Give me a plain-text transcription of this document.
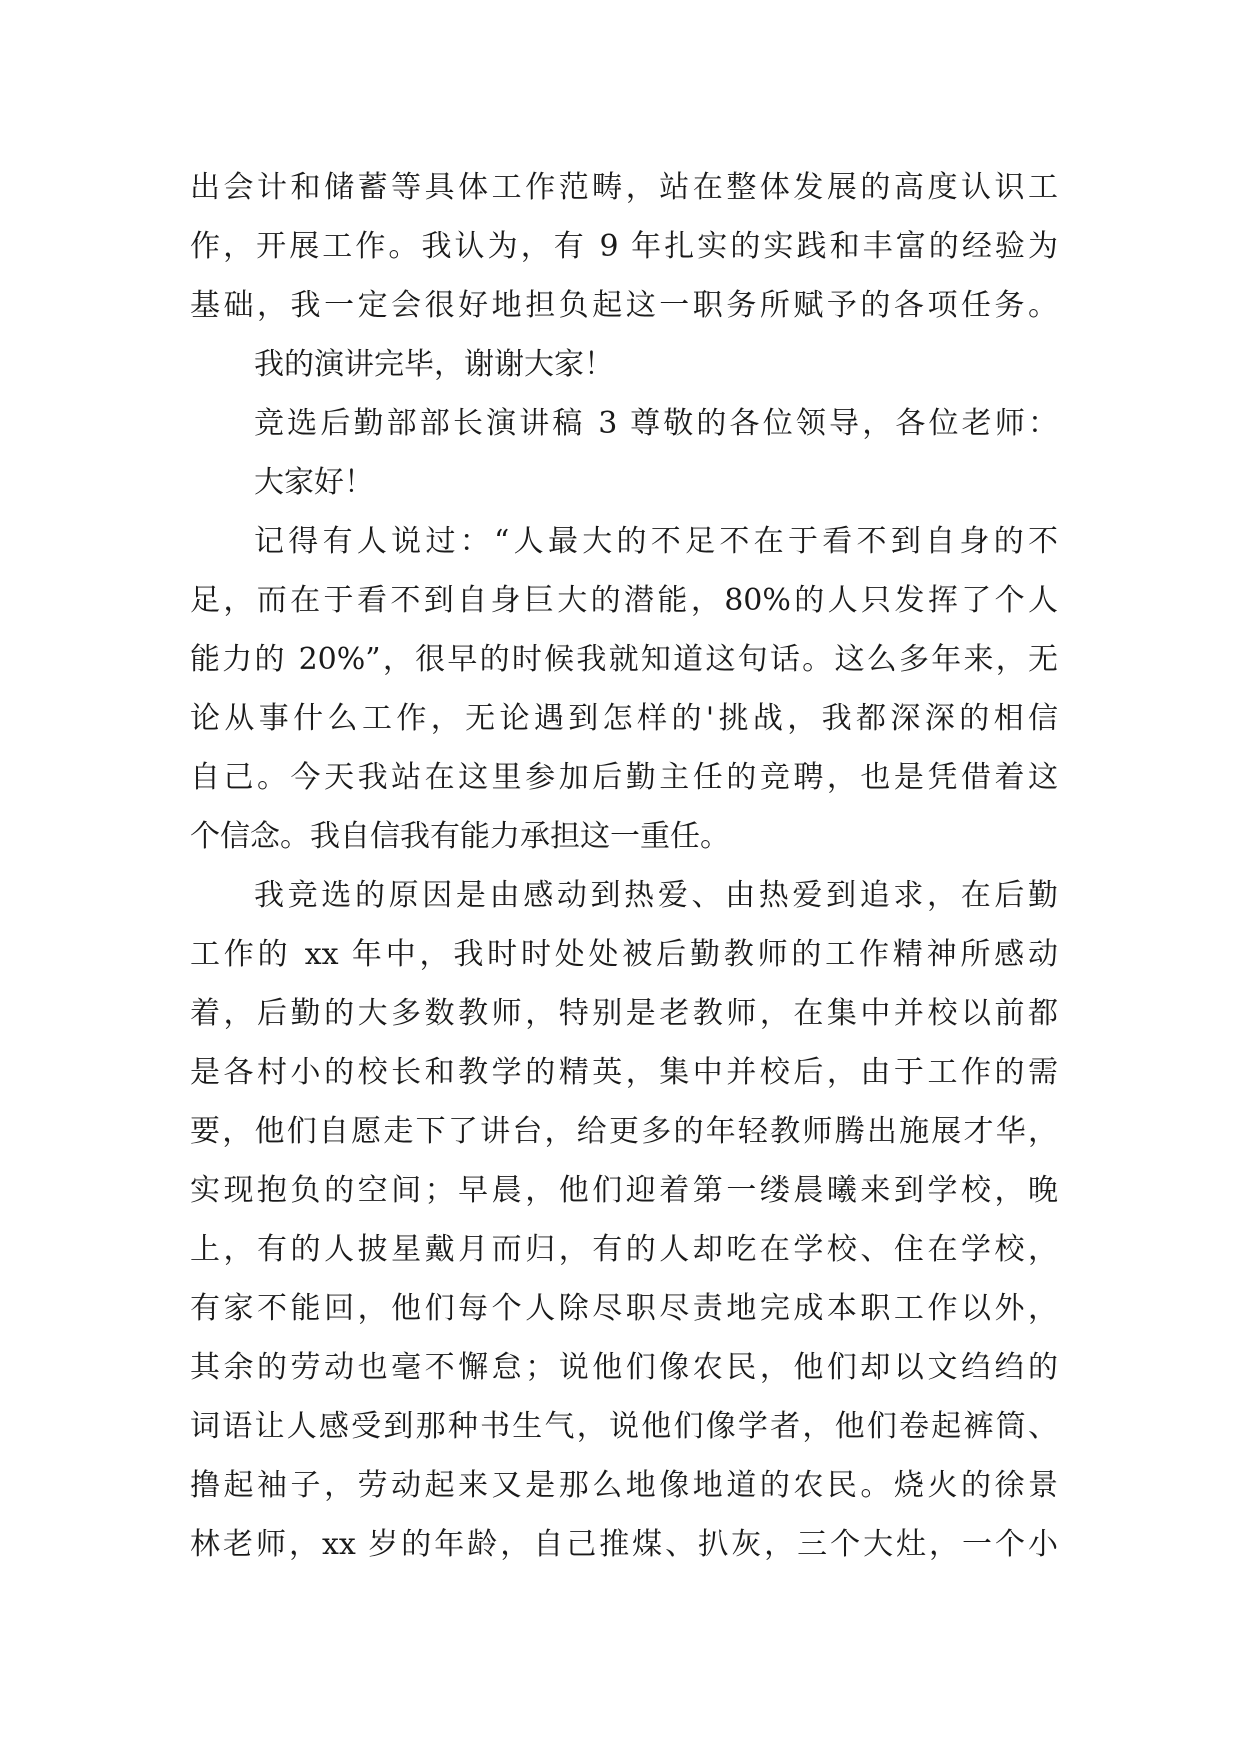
出会计和储蓄等具体工作范畴，站在整体发展的高度认识工
作，开展工作。我认为，有 9 年扎实的实践和丰富的经验为
基础，我一定会很好地担负起这一职务所赋予的各项任务。
我的演讲完毕，谢谢大家！
竞选后勤部部长演讲稿 3 尊敬的各位领导，各位老师：
大家好！
记得有人说过：“人最大的不足不在于看不到自身的不
足，而在于看不到自身巨大的潜能，80%的人只发挥了个人
能力的 20%”，很早的时候我就知道这句话。这么多年来，无
论从事什么工作，无论遇到怎样的'挑战，我都深深的相信
自己。今天我站在这里参加后勤主任的竞聘，也是凭借着这
个信念。我自信我有能力承担这一重任。
我竞选的原因是由感动到热爱、由热爱到追求，在后勤
工作的 xx 年中，我时时处处被后勤教师的工作精神所感动
着，后勤的大多数教师，特别是老教师，在集中并校以前都
是各村小的校长和教学的精英，集中并校后，由于工作的需
要，他们自愿走下了讲台，给更多的年轻教师腾出施展才华，
实现抱负的空间；早晨，他们迎着第一缕晨曦来到学校，晚
上，有的人披星戴月而归，有的人却吃在学校、住在学校，
有家不能回，他们每个人除尽职尽责地完成本职工作以外，
其余的劳动也毫不懈怠；说他们像农民，他们却以文绉绉的
词语让人感受到那种书生气，说他们像学者，他们卷起裤筒、
撸起袖子，劳动起来又是那么地像地道的农民。烧火的徐景
林老师，xx 岁的年龄，自己推煤、扒灰，三个大灶，一个小
